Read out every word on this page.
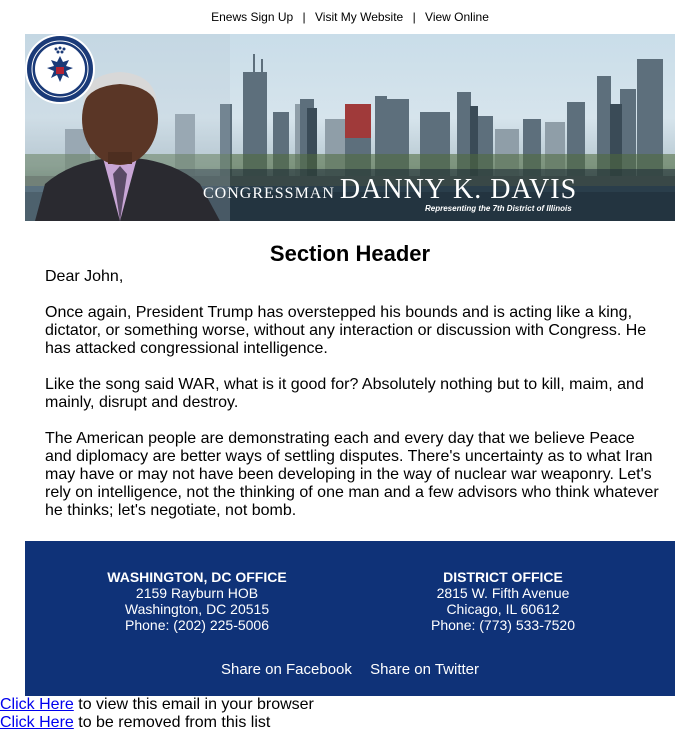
Enews Sign Up | Visit My Website | View Online
CONGRESSMAN DANNY K. DAVIS
Representing the 7th District of Illinois
Section Header

Dear John,

Once again, President Trump has overstepped his bounds and is acting like a king, dictator, or something worse, without any interaction or discussion with Congress. He has attacked congressional intelligence.

Like the song said WAR, what is it good for? Absolutely nothing but to kill, maim, and mainly, disrupt and destroy.

The American people are demonstrating each and every day that we believe Peace and diplomacy are better ways of settling disputes. There's uncertainty as to what Iran may have or may not have been developing in the way of nuclear war weaponry. Let's rely on intelligence, not the thinking of one man and a few advisors who think whatever he thinks; let's negotiate, not bomb.

WASHINGTON, DC OFFICE
2159 Rayburn HOB
Washington, DC 20515
Phone: (202) 225-5006
DISTRICT OFFICE
2815 W. Fifth Avenue
Chicago, IL 60612
Phone: (773) 533-7520
Share on Facebook Share on Twitter
Click Here to view this email in your browser
Click Here to be removed from this list
